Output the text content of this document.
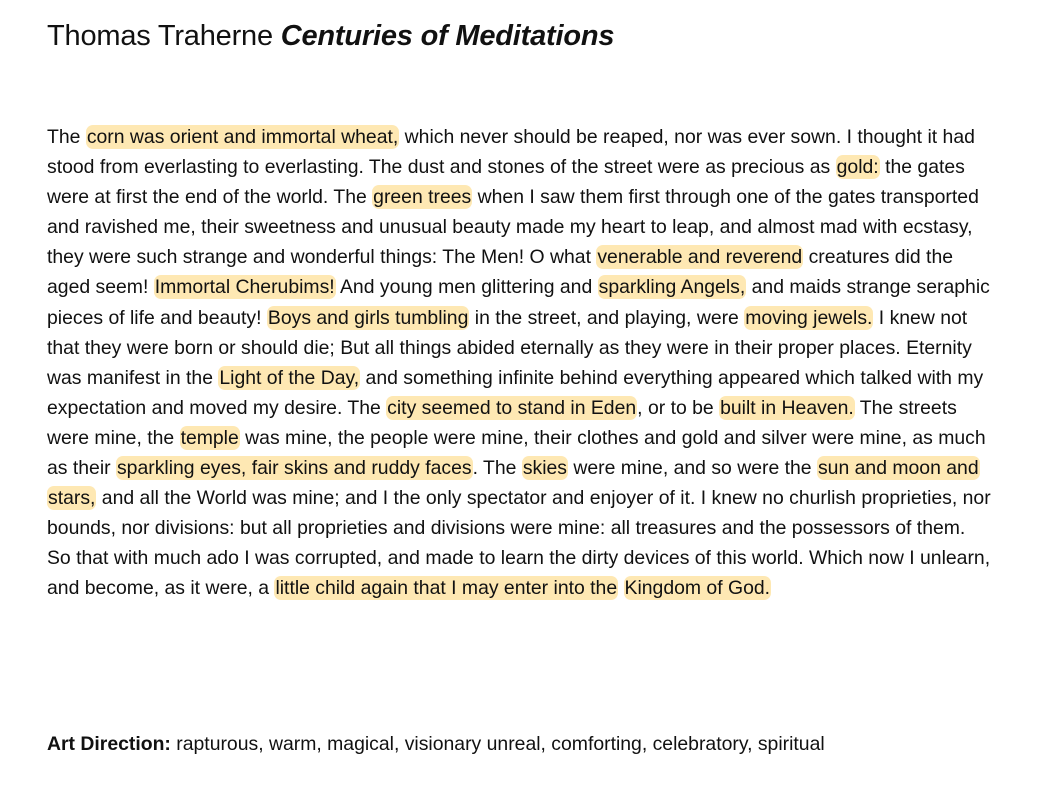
Thomas Traherne Centuries of Meditations

The corn was orient and immortal wheat, which never should be reaped, nor was ever sown. I thought it had stood from everlasting to everlasting. The dust and stones of the street were as precious as gold: the gates were at first the end of the world. The green trees when I saw them first through one of the gates transported and ravished me, their sweetness and unusual beauty made my heart to leap, and almost mad with ecstasy, they were such strange and wonderful things: The Men! O what venerable and reverend creatures did the aged seem! Immortal Cherubims! And young men glittering and sparkling Angels, and maids strange seraphic pieces of life and beauty! Boys and girls tumbling in the street, and playing, were moving jewels. I knew not that they were born or should die; But all things abided eternally as they were in their proper places. Eternity was manifest in the Light of the Day, and something infinite behind everything appeared which talked with my expectation and moved my desire. The city seemed to stand in Eden, or to be built in Heaven. The streets were mine, the temple was mine, the people were mine, their clothes and gold and silver were mine, as much as their sparkling eyes, fair skins and ruddy faces. The skies were mine, and so were the sun and moon and stars, and all the World was mine; and I the only spectator and enjoyer of it. I knew no churlish proprieties, nor bounds, nor divisions: but all proprieties and divisions were mine: all treasures and the possessors of them. So that with much ado I was corrupted, and made to learn the dirty devices of this world. Which now I unlearn, and become, as it were, a little child again that I may enter into the Kingdom of God.

Art Direction: rapturous, warm, magical, visionary unreal, comforting, celebratory, spiritual
